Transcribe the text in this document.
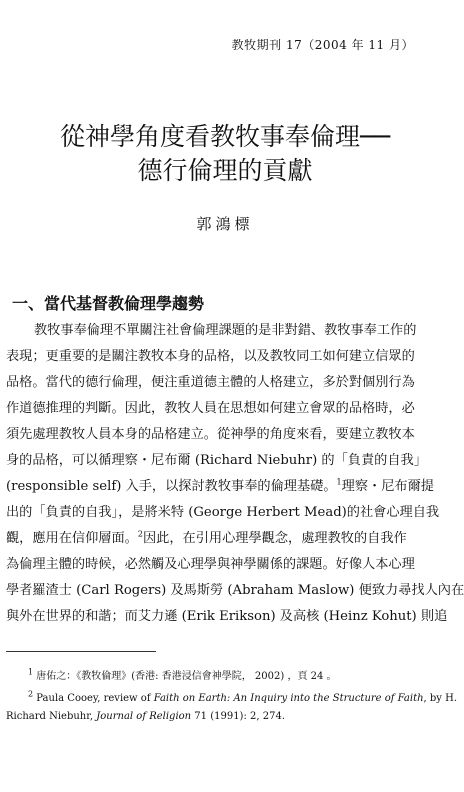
教牧期刊 17（2004 年 11 月）
從神學角度看教牧事奉倫理──
德行倫理的貢獻
郭鴻標
一、當代基督教倫理學趨勢
教牧事奉倫理不單關注社會倫理課題的是非對錯、教牧事奉工作的
表現；更重要的是關注教牧本身的品格，以及教牧同工如何建立信眾的
品格。當代的德行倫理，便注重道德主體的人格建立，多於對個別行為
作道德推理的判斷。因此，教牧人員在思想如何建立會眾的品格時，必
須先處理教牧人員本身的品格建立。從神學的角度來看，要建立教牧本
身的品格，可以循理察・尼布爾 (Richard Niebuhr) 的「負責的自我」
(responsible self) 入手，以探討教牧事奉的倫理基礎。$^1$理察・尼布爾提
出的「負責的自我」，是將米特 (George Herbert Mead)的社會心理自我
觀，應用在信仰層面。$^2$因此，在引用心理學觀念，處理教牧的自我作
為倫理主體的時候，必然觸及心理學與神學關係的課題。好像人本心理
學者羅渣士 (Carl Rogers) 及馬斯勞 (Abraham Maslow) 便致力尋找人內在
與外在世界的和諧；而艾力遜 (Erik Erikson) 及高核 (Heinz Kohut) 則追
$^1$ 唐佑之：《教牧倫理》(香港: 香港浸信會神學院， 2002) ，頁 24 。
$^2$ Paula Cooey, review of Faith on Earth: An Inquiry into the Structure of Faith, by H.
Richard Niebuhr, Journal of Religion 71 (1991): 2, 274.
